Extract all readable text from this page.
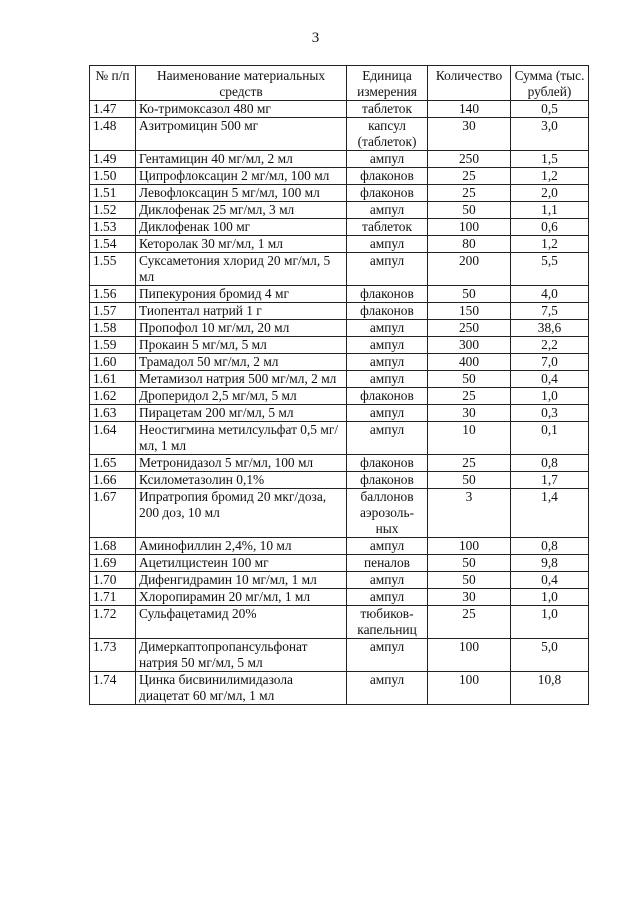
3
№ п/п	Наименование материальных средств	Единица измерения	Количество	Сумма (тыс. рублей)
1.47	Ко-тримоксазол 480 мг	таблеток	140	0,5
1.48	Азитромицин 500 мг	капсул (таблеток)	30	3,0
1.49	Гентамицин 40 мг/мл, 2 мл	ампул	250	1,5
1.50	Ципрофлоксацин 2 мг/мл, 100 мл	флаконов	25	1,2
1.51	Левофлоксацин 5 мг/мл, 100 мл	флаконов	25	2,0
1.52	Диклофенак 25 мг/мл, 3 мл	ампул	50	1,1
1.53	Диклофенак 100 мг	таблеток	100	0,6
1.54	Кеторолак 30 мг/мл, 1 мл	ампул	80	1,2
1.55	Суксаметония хлорид 20 мг/мл, 5 мл	ампул	200	5,5
1.56	Пипекурония бромид 4 мг	флаконов	50	4,0
1.57	Тиопентал натрий 1 г	флаконов	150	7,5
1.58	Пропофол 10 мг/мл, 20 мл	ампул	250	38,6
1.59	Прокаин 5 мг/мл, 5 мл	ампул	300	2,2
1.60	Трамадол 50 мг/мл, 2 мл	ампул	400	7,0
1.61	Метамизол натрия 500 мг/мл, 2 мл	ампул	50	0,4
1.62	Дроперидол 2,5 мг/мл, 5 мл	флаконов	25	1,0
1.63	Пирацетам 200 мг/мл, 5 мл	ампул	30	0,3
1.64	Неостигмина метилсульфат 0,5 мг/мл, 1 мл	ампул	10	0,1
1.65	Метронидазол 5 мг/мл, 100 мл	флаконов	25	0,8
1.66	Ксилометазолин 0,1%	флаконов	50	1,7
1.67	Ипратропия бромид 20 мкг/доза, 200 доз, 10 мл	баллонов аэрозоль-ных	3	1,4
1.68	Аминофиллин 2,4%, 10 мл	ампул	100	0,8
1.69	Ацетилцистеин 100 мг	пеналов	50	9,8
1.70	Дифенгидрамин 10 мг/мл, 1 мл	ампул	50	0,4
1.71	Хлоропирамин 20 мг/мл, 1 мл	ампул	30	1,0
1.72	Сульфацетамид 20%	тюбиков-капельниц	25	1,0
1.73	Димеркаптопропансульфонат натрия 50 мг/мл, 5 мл	ампул	100	5,0
1.74	Цинка бисвинилимидазола диацетат 60 мг/мл, 1 мл	ампул	100	10,8
